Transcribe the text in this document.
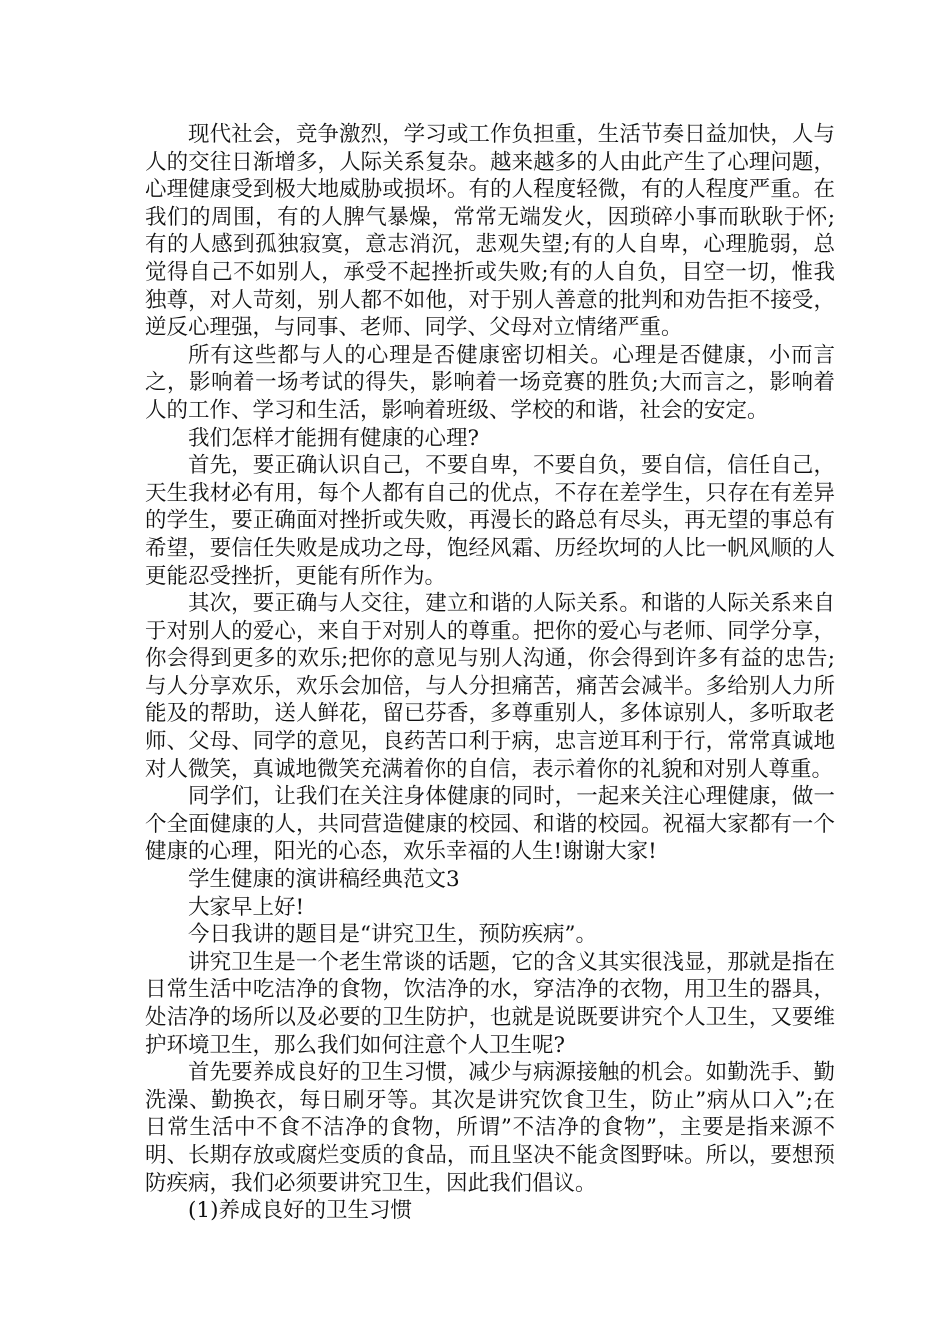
现代社会，竞争激烈，学习或工作负担重，生活节奏日益加快，人与人的交往日渐增多，人际关系复杂。越来越多的人由此产生了心理问题，心理健康受到极大地威胁或损坏。有的人程度轻微，有的人程度严重。在我们的周围，有的人脾气暴燥，常常无端发火，因琐碎小事而耿耿于怀;有的人感到孤独寂寞，意志消沉，悲观失望;有的人自卑，心理脆弱，总觉得自己不如别人，承受不起挫折或失败;有的人自负，目空一切，惟我独尊，对人苛刻，别人都不如他，对于别人善意的批判和劝告拒不接受，逆反心理强，与同事、老师、同学、父母对立情绪严重。

所有这些都与人的心理是否健康密切相关。心理是否健康，小而言之，影响着一场考试的得失，影响着一场竞赛的胜负;大而言之，影响着人的工作、学习和生活，影响着班级、学校的和谐，社会的安定。

我们怎样才能拥有健康的心理?

首先，要正确认识自己，不要自卑，不要自负，要自信，信任自己，天生我材必有用，每个人都有自己的优点，不存在差学生，只存在有差异的学生，要正确面对挫折或失败，再漫长的路总有尽头，再无望的事总有希望，要信任失败是成功之母，饱经风霜、历经坎坷的人比一帆风顺的人更能忍受挫折，更能有所作为。

其次，要正确与人交往，建立和谐的人际关系。和谐的人际关系来自于对别人的爱心，来自于对别人的尊重。把你的爱心与老师、同学分享，你会得到更多的欢乐;把你的意见与别人沟通，你会得到许多有益的忠告;与人分享欢乐，欢乐会加倍，与人分担痛苦，痛苦会减半。多给别人力所能及的帮助，送人鲜花，留已芬香，多尊重别人，多体谅别人，多听取老师、父母、同学的意见，良药苦口利于病，忠言逆耳利于行，常常真诚地对人微笑，真诚地微笑充满着你的自信，表示着你的礼貌和对别人尊重。

同学们，让我们在关注身体健康的同时，一起来关注心理健康，做一个全面健康的人，共同营造健康的校园、和谐的校园。祝福大家都有一个健康的心理，阳光的心态，欢乐幸福的人生!谢谢大家!

学生健康的演讲稿经典范文3

大家早上好!

今日我讲的题目是“讲究卫生，预防疾病”。

讲究卫生是一个老生常谈的话题，它的含义其实很浅显，那就是指在日常生活中吃洁净的食物，饮洁净的水，穿洁净的衣物，用卫生的器具，处洁净的场所以及必要的卫生防护，也就是说既要讲究个人卫生，又要维护环境卫生，那么我们如何注意个人卫生呢?

首先要养成良好的卫生习惯，减少与病源接触的机会。如勤洗手、勤洗澡、勤换衣，每日刷牙等。其次是讲究饮食卫生，防止”病从口入”;在日常生活中不食不洁净的食物，所谓”不洁净的食物”，主要是指来源不明、长期存放或腐烂变质的食品，而且坚决不能贪图野味。所以，要想预防疾病，我们必须要讲究卫生，因此我们倡议。

(1)养成良好的卫生习惯
